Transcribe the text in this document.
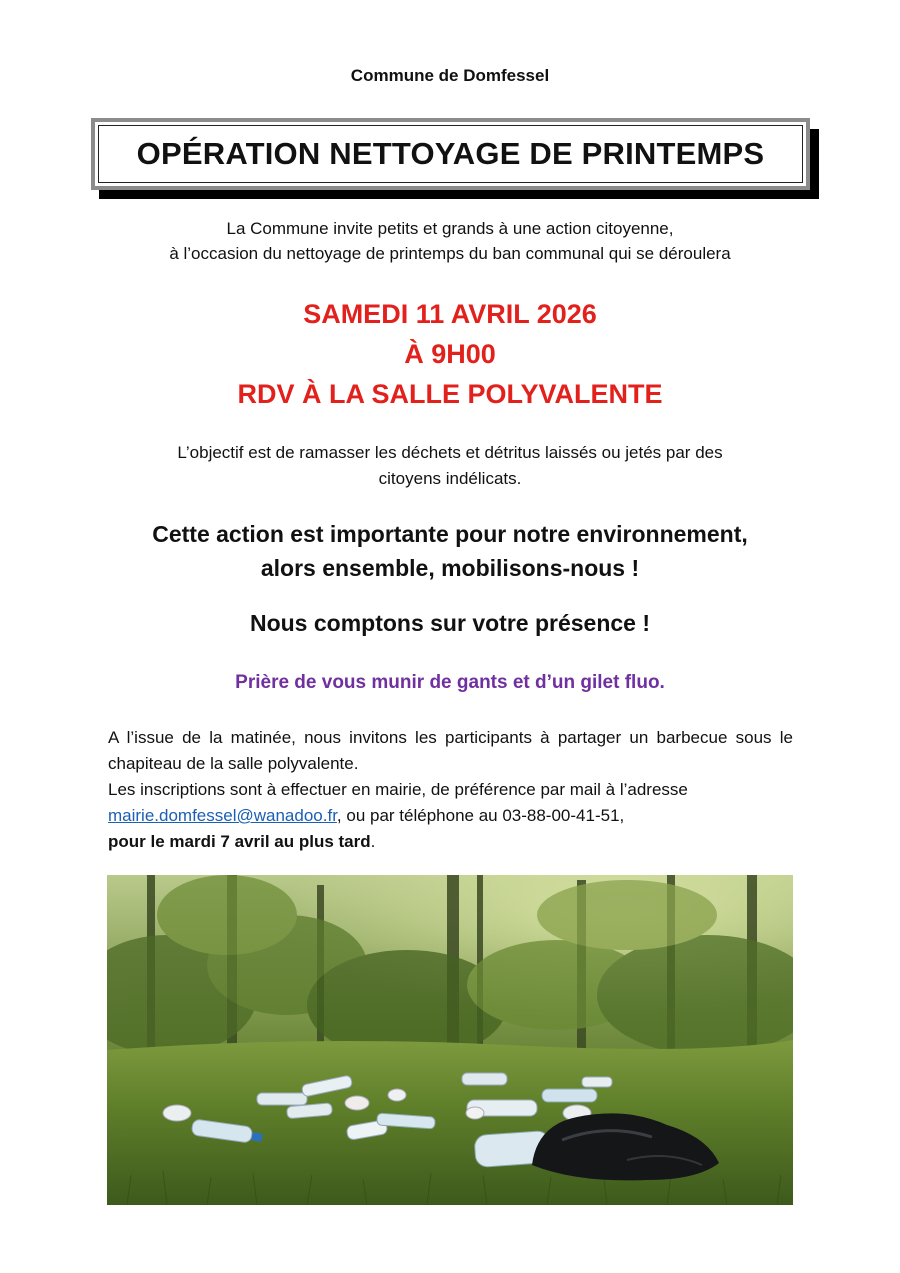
Commune de Domfessel
OPÉRATION NETTOYAGE DE PRINTEMPS
La Commune invite petits et grands à une action citoyenne,
à l’occasion du nettoyage de printemps du ban communal qui se déroulera
SAMEDI 11 AVRIL 2026
À 9H00
RDV À LA SALLE POLYVALENTE
L’objectif est de ramasser les déchets et détritus laissés ou jetés par des
citoyens indélicats.
Cette action est importante pour notre environnement,
alors ensemble, mobilisons-nous !
Nous comptons sur votre présence !
Prière de vous munir de gants et d’un gilet fluo.

A l’issue de la matinée, nous invitons les participants à partager un barbecue sous le chapiteau de la salle polyvalente.

Les inscriptions sont à effectuer en mairie, de préférence par mail à l’adresse
mairie.domfessel@wanadoo.fr, ou par téléphone au 03-88-00-41-51,
pour le mardi 7 avril au plus tard.
